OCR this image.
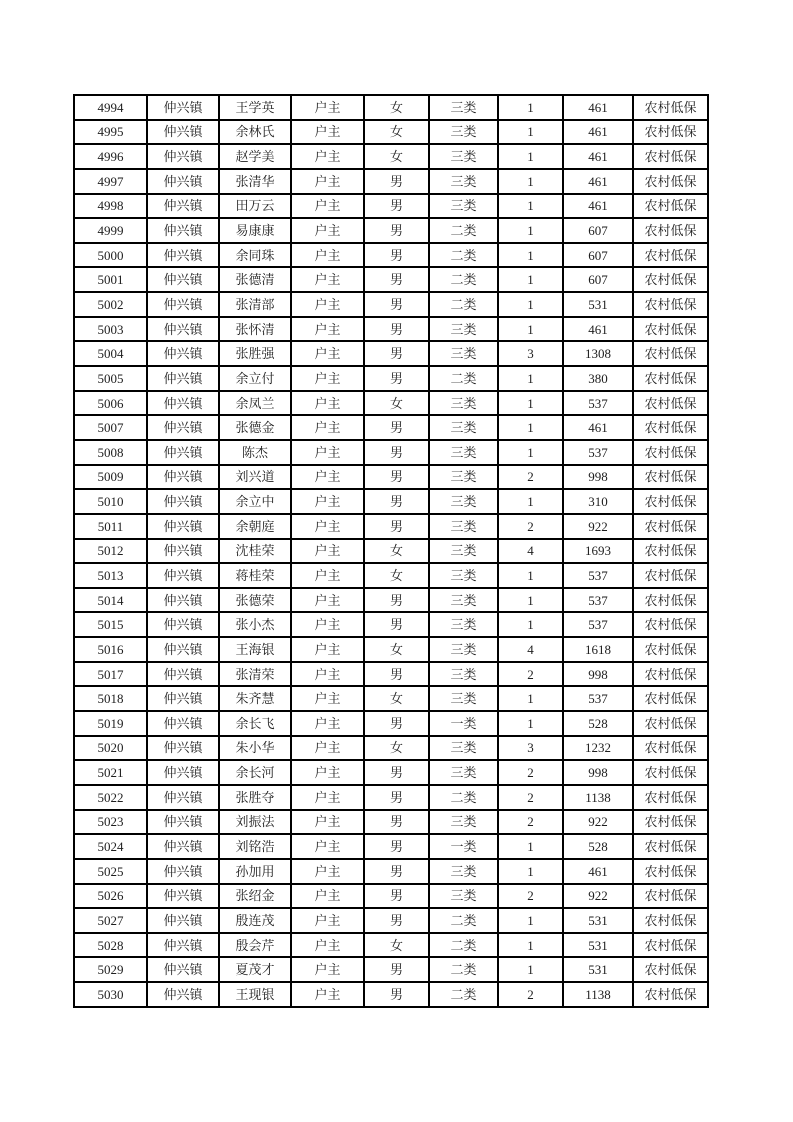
4994	仲兴镇	王学英	户主	女	三类	1	461	农村低保
4995	仲兴镇	余林氏	户主	女	三类	1	461	农村低保
4996	仲兴镇	赵学美	户主	女	三类	1	461	农村低保
4997	仲兴镇	张清华	户主	男	三类	1	461	农村低保
4998	仲兴镇	田万云	户主	男	三类	1	461	农村低保
4999	仲兴镇	易康康	户主	男	二类	1	607	农村低保
5000	仲兴镇	余同珠	户主	男	二类	1	607	农村低保
5001	仲兴镇	张德清	户主	男	二类	1	607	农村低保
5002	仲兴镇	张清部	户主	男	二类	1	531	农村低保
5003	仲兴镇	张怀清	户主	男	三类	1	461	农村低保
5004	仲兴镇	张胜强	户主	男	三类	3	1308	农村低保
5005	仲兴镇	余立付	户主	男	二类	1	380	农村低保
5006	仲兴镇	余凤兰	户主	女	三类	1	537	农村低保
5007	仲兴镇	张德金	户主	男	三类	1	461	农村低保
5008	仲兴镇	陈杰	户主	男	三类	1	537	农村低保
5009	仲兴镇	刘兴道	户主	男	三类	2	998	农村低保
5010	仲兴镇	余立中	户主	男	三类	1	310	农村低保
5011	仲兴镇	余朝庭	户主	男	三类	2	922	农村低保
5012	仲兴镇	沈桂荣	户主	女	三类	4	1693	农村低保
5013	仲兴镇	蒋桂荣	户主	女	三类	1	537	农村低保
5014	仲兴镇	张德荣	户主	男	三类	1	537	农村低保
5015	仲兴镇	张小杰	户主	男	三类	1	537	农村低保
5016	仲兴镇	王海银	户主	女	三类	4	1618	农村低保
5017	仲兴镇	张清荣	户主	男	三类	2	998	农村低保
5018	仲兴镇	朱齐慧	户主	女	三类	1	537	农村低保
5019	仲兴镇	余长飞	户主	男	一类	1	528	农村低保
5020	仲兴镇	朱小华	户主	女	三类	3	1232	农村低保
5021	仲兴镇	余长河	户主	男	三类	2	998	农村低保
5022	仲兴镇	张胜夺	户主	男	二类	2	1138	农村低保
5023	仲兴镇	刘振法	户主	男	三类	2	922	农村低保
5024	仲兴镇	刘铭浩	户主	男	一类	1	528	农村低保
5025	仲兴镇	孙加用	户主	男	三类	1	461	农村低保
5026	仲兴镇	张绍金	户主	男	三类	2	922	农村低保
5027	仲兴镇	殷连茂	户主	男	二类	1	531	农村低保
5028	仲兴镇	殷会芹	户主	女	二类	1	531	农村低保
5029	仲兴镇	夏茂才	户主	男	二类	1	531	农村低保
5030	仲兴镇	王现银	户主	男	二类	2	1138	农村低保
